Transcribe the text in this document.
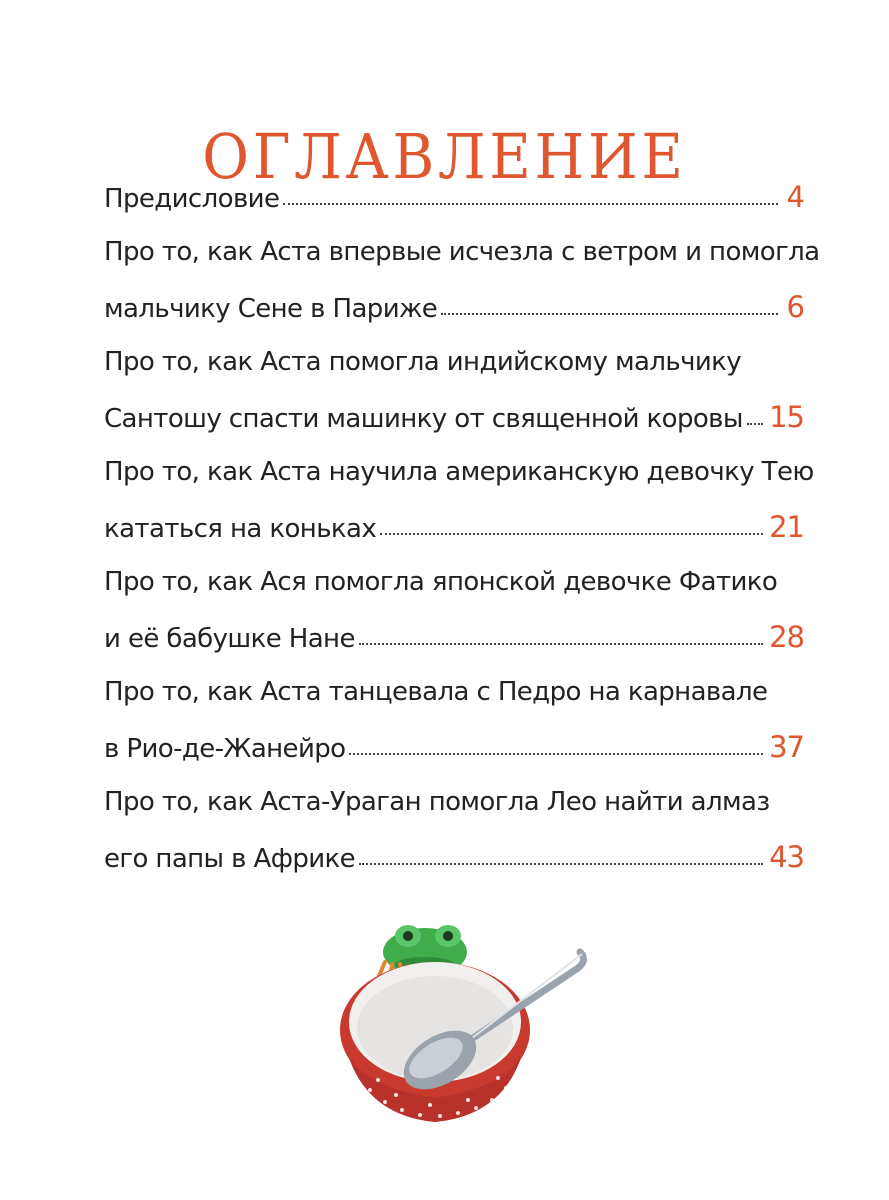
ОГЛАВЛЕНИЕ
Предисловие	4
Про то, как Аста впервые исчезла с ветром и помогла
мальчику Сене в Париже	6
Про то, как Аста помогла индийскому мальчику
Сантошу спасти машинку от священной коровы 15
Про то, как Аста научила американскую девочку Тею
кататься на коньках	21
Про то, как Ася помогла японской девочке Фатико
и её бабушке Нане	28
Про то, как Аста танцевала с Педро на карнавале
в Рио-де-Жанейро	37
Про то, как Аста-Ураган помогла Лео найти алмаз
его папы в Африке	43
